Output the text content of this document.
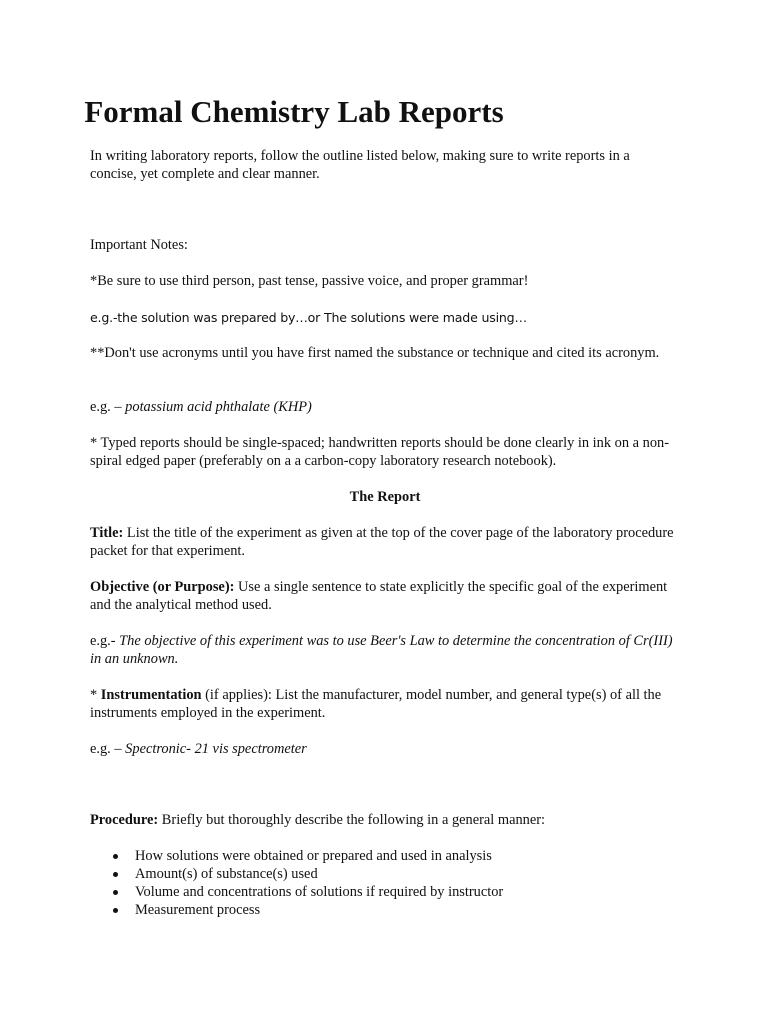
Formal Chemistry Lab Reports

In writing laboratory reports, follow the outline listed below, making sure to write reports in a concise, yet complete and clear manner.

Important Notes:

*Be sure to use third person, past tense, passive voice, and proper grammar!

e.g.-the solution was prepared by…or The solutions were made using…

**Don't use acronyms until you have first named the substance or technique and cited its acronym.

e.g. – potassium acid phthalate (KHP)

* Typed reports should be single-spaced; handwritten reports should be done clearly in ink on a non-spiral edged paper (preferably on a a carbon-copy laboratory research notebook).

The Report

Title: List the title of the experiment as given at the top of the cover page of the laboratory procedure packet for that experiment.

Objective (or Purpose): Use a single sentence to state explicitly the specific goal of the experiment and the analytical method used.

e.g.- The objective of this experiment was to use Beer's Law to determine the concentration of Cr(III) in an unknown.

* Instrumentation (if applies): List the manufacturer, model number, and general type(s) of all the instruments employed in the experiment.

e.g. – Spectronic- 21 vis spectrometer

Procedure: Briefly but thoroughly describe the following in a general manner:

How solutions were obtained or prepared and used in analysis
Amount(s) of substance(s) used
Volume and concentrations of solutions if required by instructor
Measurement process
